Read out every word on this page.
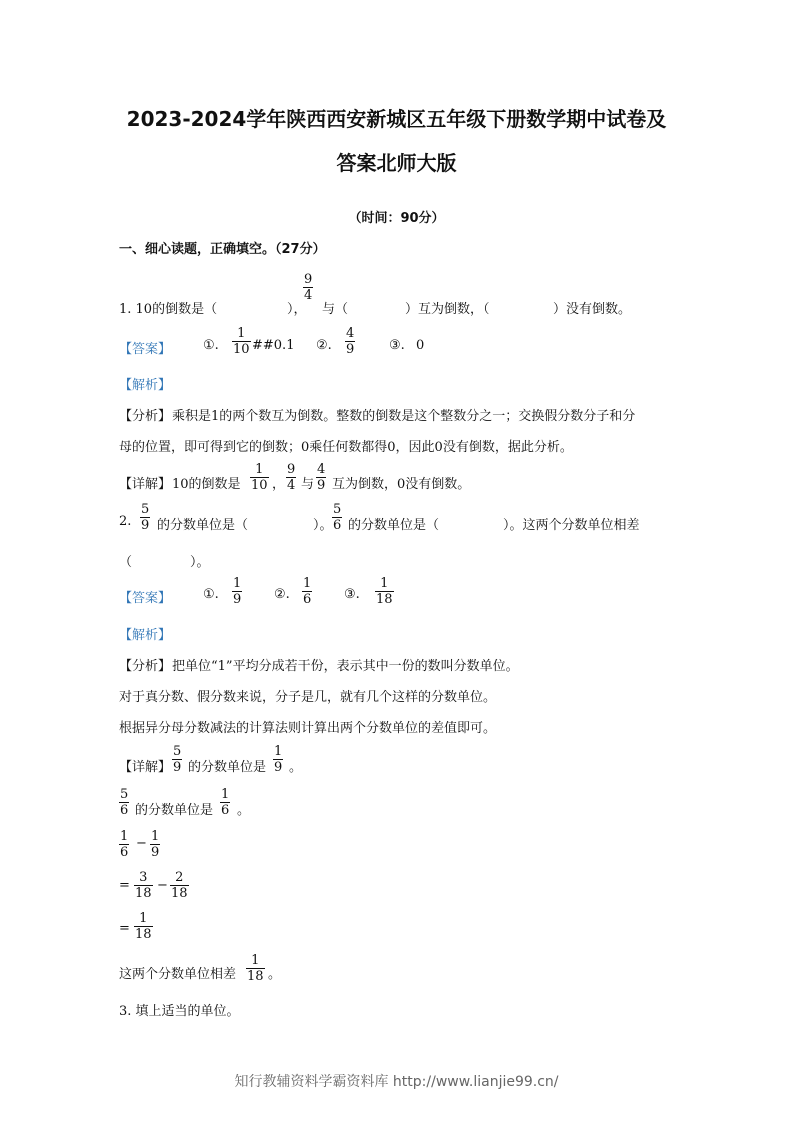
2023-2024学年陕西西安新城区五年级下册数学期中试卷及
答案北师大版
（时间：90分）
一、细心读题，正确填空。（27分）
1. 10的倒数是（	），
9
4
与（	）互为倒数，（	）没有倒数。
【答案】 ①.
1
10 ##0.1 ②.
4
9	③. 0
【解析】
【分析】 乘积是1的两个数互为倒数。整数的倒数是这个整数分之一；交换假分数分子和分
母的位置，即可得到它的倒数；0乘任何数都得0，因此0没有倒数，据此分析。
【详解】 10的倒数是
1
10 ，
9
4 与
4
9 互为倒数，0没有倒数。
2.
5
9 的分数单位是（	）。
5
6 的分数单位是（	）。这两个分数单位相差
（	）。
【答案】 ①.
1
9	②.
1
6	③.
1
18
【解析】
【分析】 把单位“1”平均分成若干份，表示其中一份的数叫分数单位。
对于真分数、假分数来说，分子是几，就有几个这样的分数单位。
根据异分母分数减法的计算法则计算出两个分数单位的差值即可。
【详解】
5
9 的分数单位是
1
9 。
5
6 的分数单位是
1
6 。
1
6
− 1
9
=
3
18
−
2
18
=
1
18
这两个分数单位相差
1
18 。
3. 填上适当的单位。
知行教辅资料学霸资料库 http://www.lianjie99.cn/
